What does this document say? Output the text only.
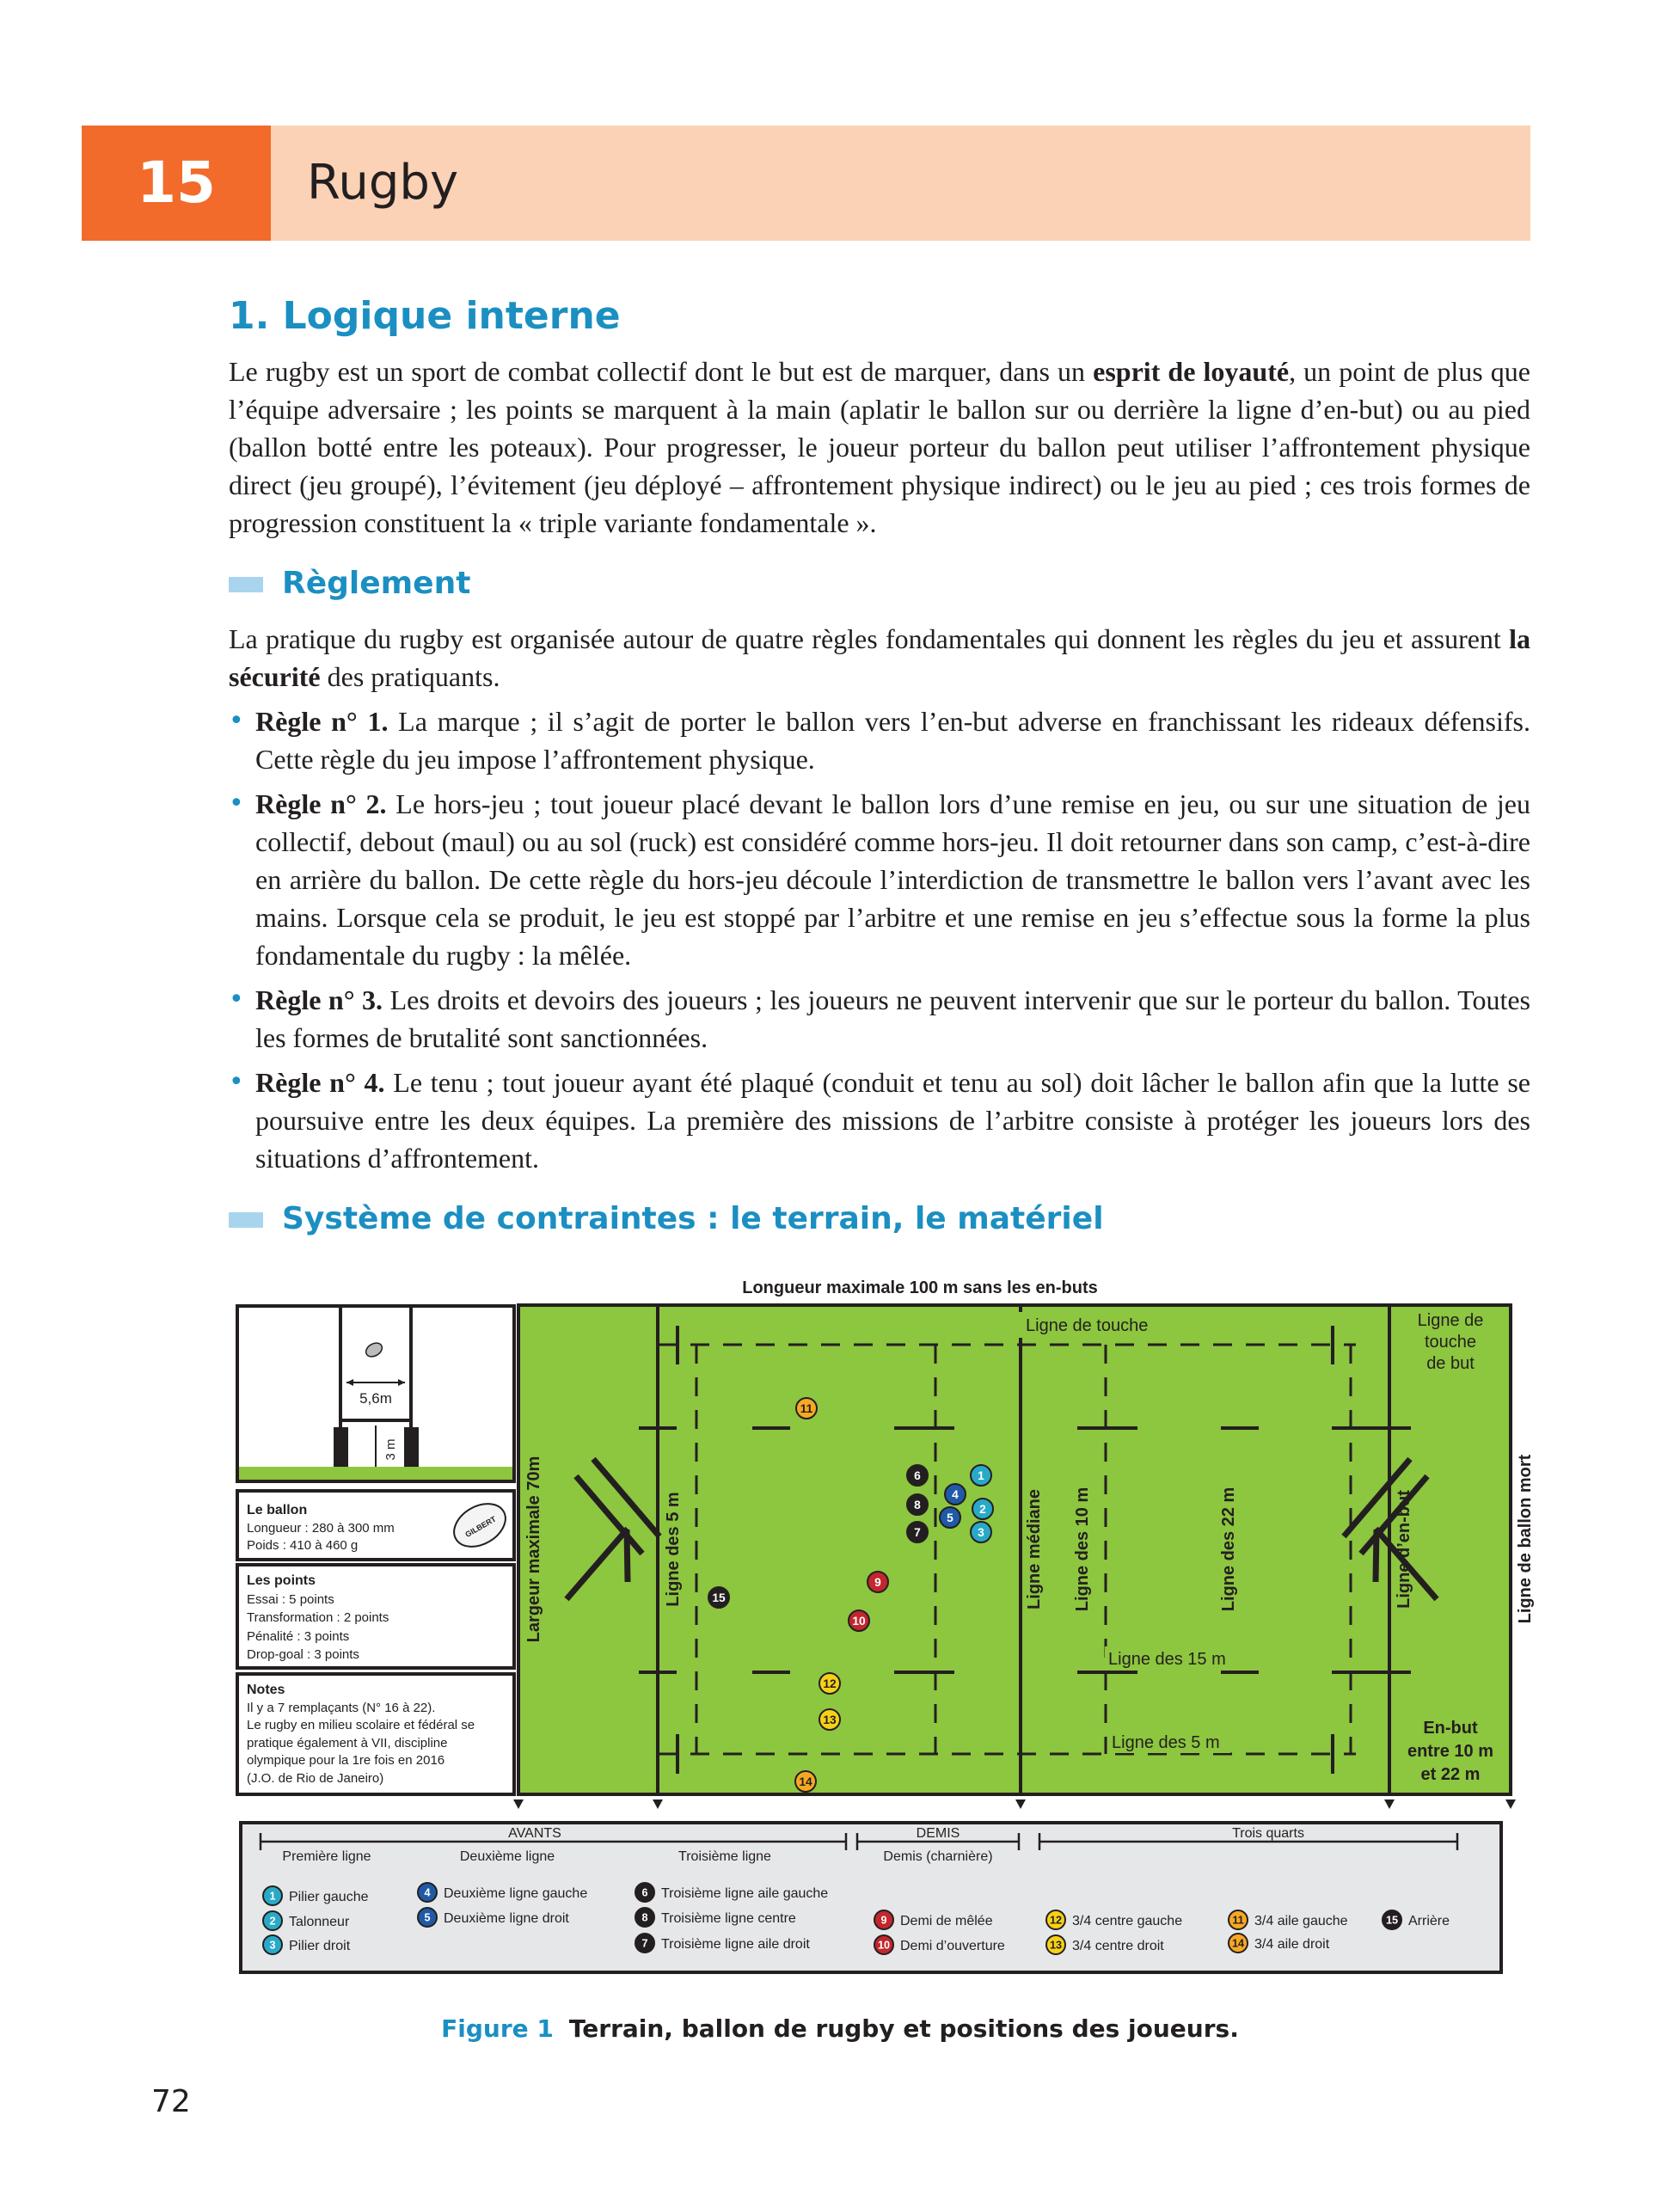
15	Rugby
1. Logique interne

Le rugby est un sport de combat collectif dont le but est de marquer, dans un esprit de loyauté, un point de plus que l’équipe adversaire ; les points se marquent à la main (aplatir le ballon sur ou derrière la ligne d’en-but) ou au pied (ballon botté entre les poteaux). Pour progresser, le joueur porteur du ballon peut utiliser l’affrontement physique direct (jeu groupé), l’évitement (jeu déployé – affrontement physique indirect) ou le jeu au pied ; ces trois formes de progression constituent la « triple variante fondamentale ».

Règlement

La pratique du rugby est organisée autour de quatre règles fondamentales qui donnent les règles du jeu et assurent la sécurité des pratiquants.

• Règle n° 1. La marque ; il s’agit de porter le ballon vers l’en-but adverse en franchissant les rideaux défensifs. Cette règle du jeu impose l’affrontement physique.
• Règle n° 2. Le hors-jeu ; tout joueur placé devant le ballon lors d’une remise en jeu, ou sur une situation de jeu collectif, debout (maul) ou au sol (ruck) est considéré comme hors-jeu. Il doit retourner dans son camp, c’est-à-dire en arrière du ballon. De cette règle du hors-jeu découle l’interdiction de transmettre le ballon vers l’avant avec les mains. Lorsque cela se produit, le jeu est stoppé par l’arbitre et une remise en jeu s’effectue sous la forme la plus fondamentale du rugby : la mêlée.
• Règle n° 3. Les droits et devoirs des joueurs ; les joueurs ne peuvent intervenir que sur le porteur du ballon. Toutes les formes de brutalité sont sanctionnées.
• Règle n° 4. Le tenu ; tout joueur ayant été plaqué (conduit et tenu au sol) doit lâcher le ballon afin que la lutte se poursuive entre les deux équipes. La première des missions de l’arbitre consiste à protéger les joueurs lors des situations d’affrontement.
Système de contraintes : le terrain, le matériel
Longueur maximale 100 m sans les en-buts
5,6m
3 m
Le ballon
Longueur : 280 à 300 mm
Poids : 410 à 460 g
GILBERT
Les points
Essai : 5 points
Transformation : 2 points
Pénalité : 3 points
Drop-goal : 3 points
Notes
Il y a 7 remplaçants (N° 16 à 22).
Le rugby en milieu scolaire et fédéral se
pratique également à VII, discipline
olympique pour la 1re fois en 2016
(J.O. de Rio de Janeiro)
Ligne de touche	Ligne de
touche
de but
Largeur maximale 70m	Ligne des 5 m	Ligne médiane Ligne des 10 m	Ligne des 22 m	Ligne d’en-but	Ligne de ballon mort
Ligne des 15 m
Ligne des 5 m
En-but
entre 10 m
et 22 m
11
6	1
4
2
8
5
7	3
9
15
10
12
13
14
AVANTS	DEMIS	Trois quarts
Première ligne	Deuxième ligne	Troisième ligne	Demis (charnière)
1 Pilier gauche
2 Talonneur
3 Pilier droit
4 Deuxième ligne gauche
5 Deuxième ligne droit
6 Troisième ligne aile gauche
8 Troisième ligne centre
7 Troisième ligne aile droit
9 Demi de mêlée
10 Demi d’ouverture
12 3/4 centre gauche
13 3/4 centre droit
11 3/4 aile gauche
14 3/4 aile droit
15 Arrière
Figure 1 Terrain, ballon de rugby et positions des joueurs.
72
